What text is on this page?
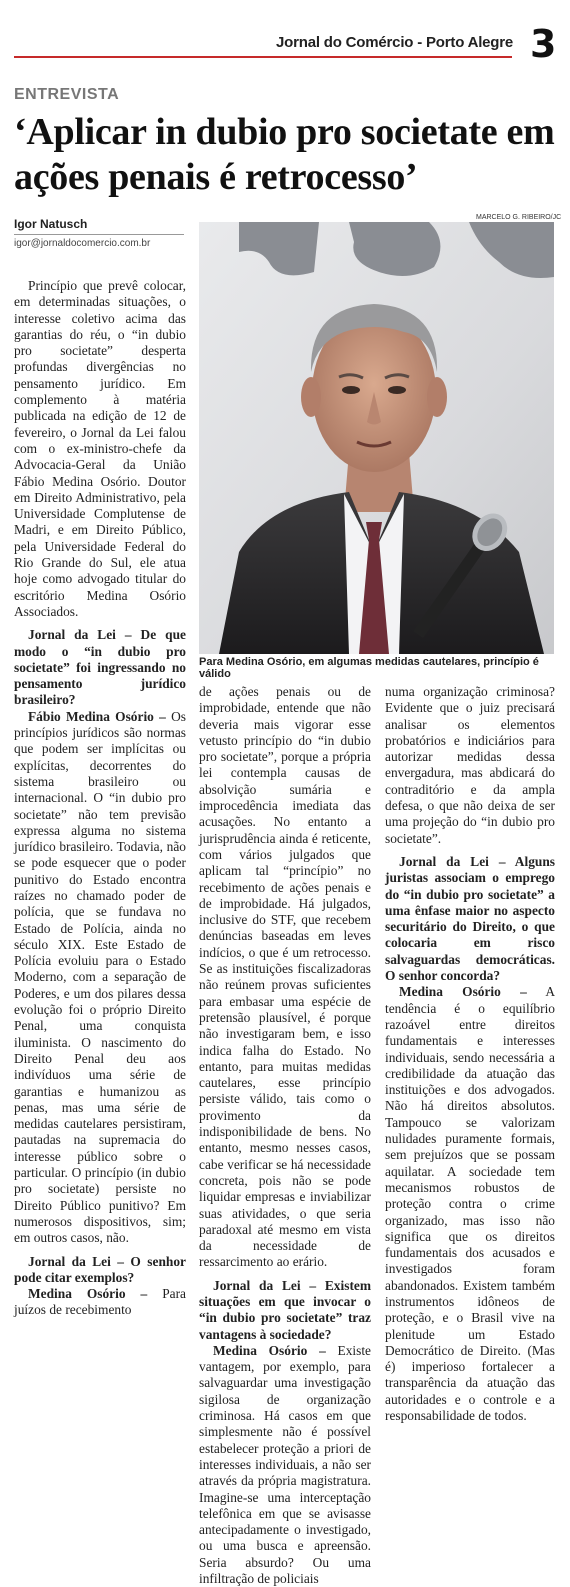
Jornal do Comércio - Porto Alegre 3
ENTREVISTA
‘Aplicar in dubio pro societate em ações penais é retrocesso’
Igor Natusch
igor@jornaldocomercio.com.br
MARCELO G. RIBEIRO/JC
Para Medina Osório, em algumas medidas cautelares, princípio é válido

Princípio que prevê colocar, em determinadas situações, o interesse coletivo acima das garantias do réu, o “in dubio pro societate” desperta profundas divergências no pensamento jurídico. Em complemento à matéria publicada na edição de 12 de fevereiro, o Jornal da Lei falou com o ex-ministro-chefe da Advocacia-Geral da União Fábio Medina Osório. Doutor em Direito Administrativo, pela Universidade Complutense de Madri, e em Direito Público, pela Universidade Federal do Rio Grande do Sul, ele atua hoje como advogado titular do escritório Medina Osório Associados.

Jornal da Lei – De que modo o “in dubio pro societate” foi ingressando no pensamento jurídico brasileiro?

Fábio Medina Osório – Os princípios jurídicos são normas que podem ser implícitas ou explícitas, decorrentes do sistema brasileiro ou internacional. O “in dubio pro societate” não tem previsão expressa alguma no sistema jurídico brasileiro. Todavia, não se pode esquecer que o poder punitivo do Estado encontra raízes no chamado poder de polícia, que se fundava no Estado de Polícia, ainda no século XIX. Este Estado de Polícia evoluiu para o Estado Moderno, com a separação de Poderes, e um dos pilares dessa evolução foi o próprio Direito Penal, uma conquista iluminista. O nascimento do Direito Penal deu aos indivíduos uma série de garantias e humanizou as penas, mas uma série de medidas cautelares persistiram, pautadas na supremacia do interesse público sobre o particular. O princípio (in dubio pro societate) persiste no Direito Público punitivo? Em numerosos dispositivos, sim; em outros casos, não.

Jornal da Lei – O senhor pode citar exemplos?

Medina Osório – Para juízos de recebimento

de ações penais ou de improbidade, entende que não deveria mais vigorar esse vetusto princípio do “in dubio pro societate”, porque a própria lei contempla causas de absolvição sumária e improcedência imediata das acusações. No entanto a jurisprudência ainda é reticente, com vários julgados que aplicam tal “princípio” no recebimento de ações penais e de improbidade. Há julgados, inclusive do STF, que recebem denúncias baseadas em leves indícios, o que é um retrocesso. Se as instituições fiscalizadoras não reúnem provas suficientes para embasar uma espécie de pretensão plausível, é porque não investigaram bem, e isso indica falha do Estado. No entanto, para muitas medidas cautelares, esse princípio persiste válido, tais como o provimento da indisponibilidade de bens. No entanto, mesmo nesses casos, cabe verificar se há necessidade concreta, pois não se pode liquidar empresas e inviabilizar suas atividades, o que seria paradoxal até mesmo em vista da necessidade de ressarcimento ao erário.

Jornal da Lei – Existem situações em que invocar o “in dubio pro societate” traz vantagens à sociedade?

Medina Osório – Existe vantagem, por exemplo, para salvaguardar uma investigação sigilosa de organização criminosa. Há casos em que simplesmente não é possível estabelecer proteção a priori de interesses individuais, a não ser através da própria magistratura. Imagine-se uma interceptação telefônica em que se avisasse antecipadamente o investigado, ou uma busca e apreensão. Seria absurdo? Ou uma infiltração de policiais

numa organização criminosa? Evidente que o juiz precisará analisar os elementos probatórios e indiciários para autorizar medidas dessa envergadura, mas abdicará do contraditório e da ampla defesa, o que não deixa de ser uma projeção do “in dubio pro societate”.

Jornal da Lei – Alguns juristas associam o emprego do “in dubio pro societate” a uma ênfase maior no aspecto securitário do Direito, o que colocaria em risco salvaguardas democráticas. O senhor concorda?

Medina Osório – A tendência é o equilíbrio razoável entre direitos fundamentais e interesses individuais, sendo necessária a credibilidade da atuação das instituições e dos advogados. Não há direitos absolutos. Tampouco se valorizam nulidades puramente formais, sem prejuízos que se possam aquilatar. A sociedade tem mecanismos robustos de proteção contra o crime organizado, mas isso não significa que os direitos fundamentais dos acusados e investigados foram abandonados. Existem também instrumentos idôneos de proteção, e o Brasil vive na plenitude um Estado Democrático de Direito. (Mas é) imperioso fortalecer a transparência da atuação das autoridades e o controle e a responsabilidade de todos.
